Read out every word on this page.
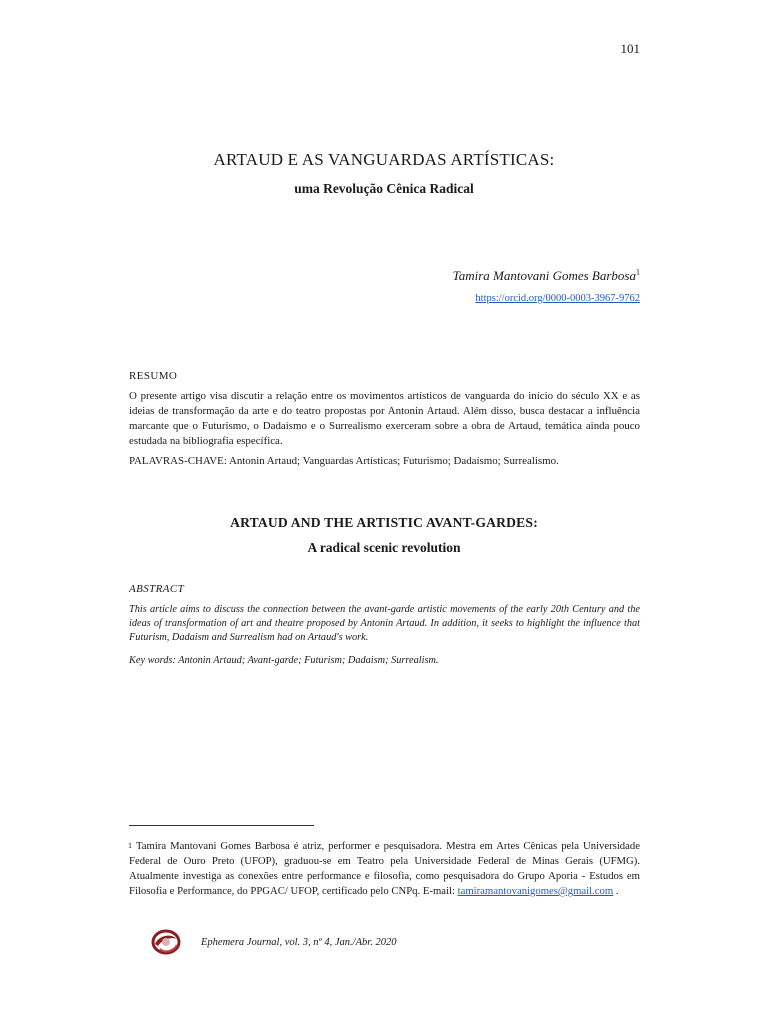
101
ARTAUD E AS VANGUARDAS ARTÍSTICAS:
uma Revolução Cênica Radical
Tamira Mantovani Gomes Barbosa$^1$
https://orcid.org/0000-0003-3967-9762
RESUMO
O presente artigo visa discutir a relação entre os movimentos artísticos de vanguarda do início do século XX e as ideias de transformação da arte e do teatro propostas por Antonin Artaud. Além disso, busca destacar a influência marcante que o Futurismo, o Dadaísmo e o Surrealismo exerceram sobre a obra de Artaud, temática ainda pouco estudada na bibliografia específica.
PALAVRAS-CHAVE: Antonin Artaud; Vanguardas Artísticas; Futurismo; Dadaísmo; Surrealismo.
ARTAUD AND THE ARTISTIC AVANT-GARDES:
A radical scenic revolution
ABSTRACT
This article aims to discuss the connection between the avant-garde artistic movements of the early 20th Century and the ideas of transformation of art and theatre proposed by Antonin Artaud. In addition, it seeks to highlight the influence that Futurism, Dadaism and Surrealism had on Artaud's work.
Key words: Antonin Artaud; Avant-garde; Futurism; Dadaism; Surrealism.
1 Tamira Mantovani Gomes Barbosa é atriz, performer e pesquisadora. Mestra em Artes Cênicas pela Universidade Federal de Ouro Preto (UFOP), graduou-se em Teatro pela Universidade Federal de Minas Gerais (UFMG). Atualmente investiga as conexões entre performance e filosofia, como pesquisadora do Grupo Aporia - Estudos em Filosofia e Performance, do PPGAC/ UFOP, certificado pelo CNPq. E-mail: tamiramantovanigomes@gmail.com .
Ephemera Journal, vol. 3, nº 4, Jan./Abr. 2020
